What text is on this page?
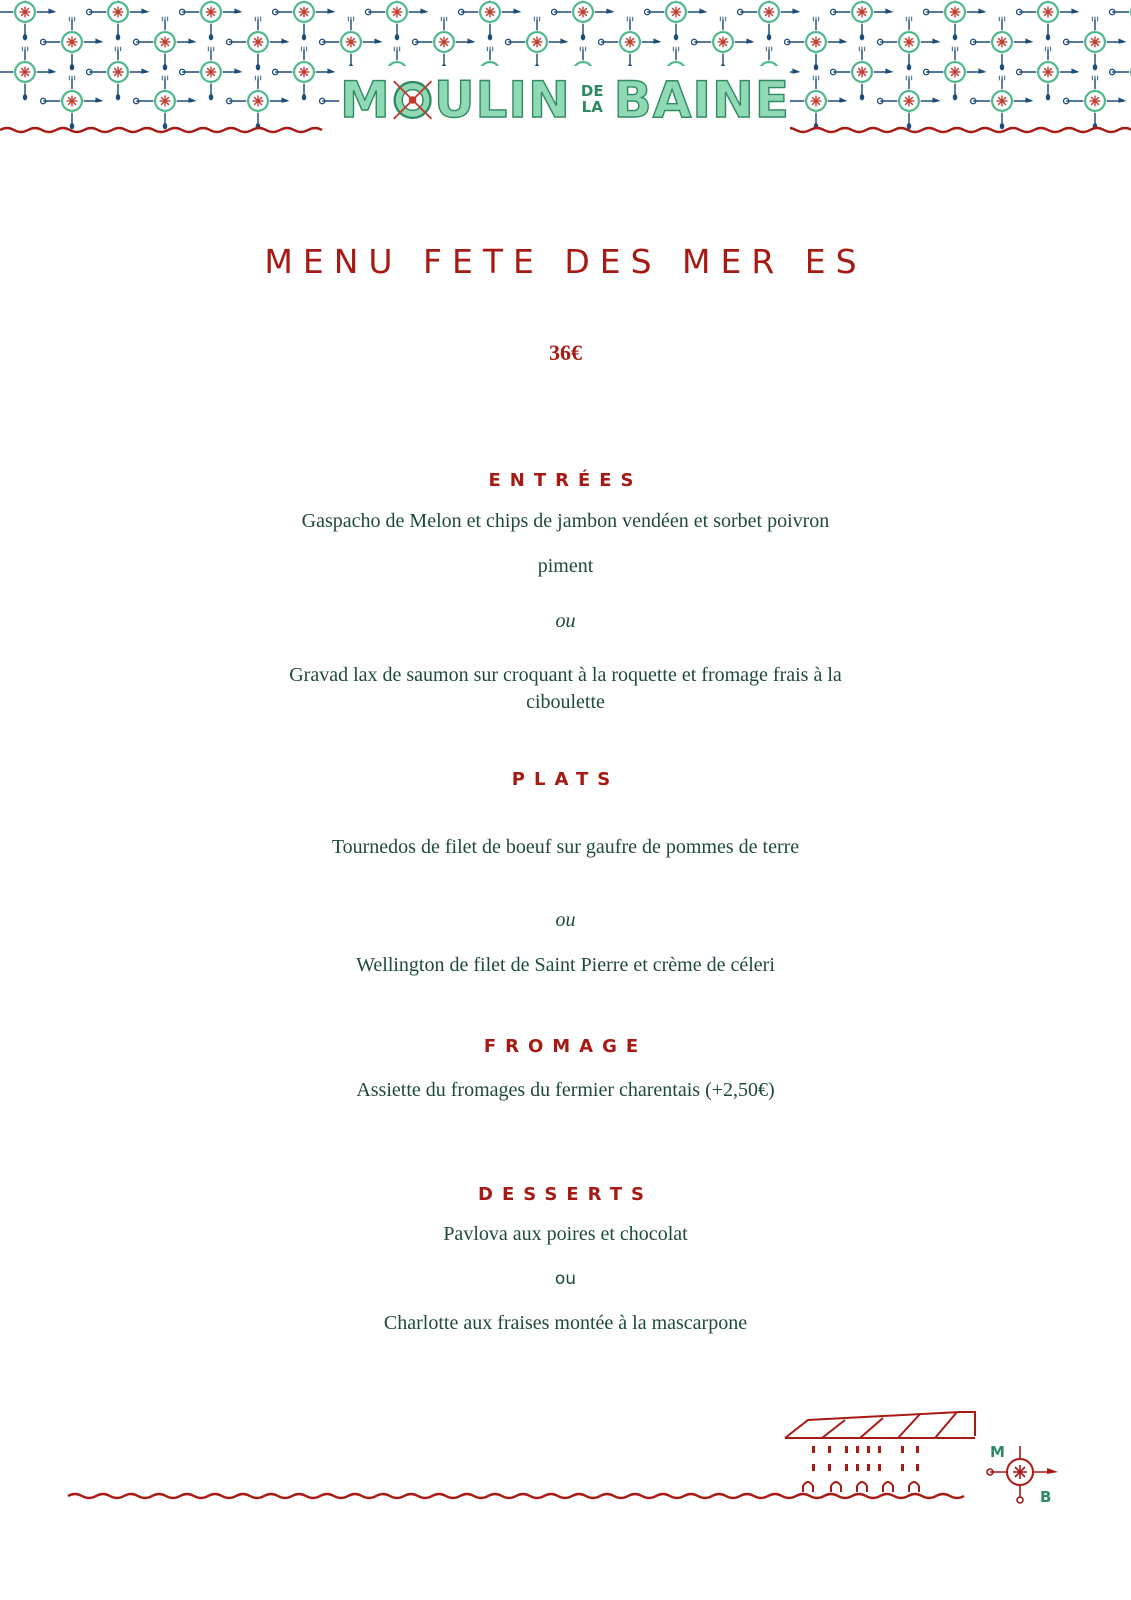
M ULIN DE
LA BAINE
MENU FETE DES MER ES
36€
ENTRÉES
Gaspacho de Melon et chips de jambon vendéen et sorbet poivron
piment
ou
Gravad lax de saumon sur croquant à la roquette et fromage frais à la
ciboulette
PLATS
Tournedos de filet de boeuf sur gaufre de pommes de terre
ou
Wellington de filet de Saint Pierre et crème de céleri
FROMAGE
Assiette du fromages du fermier charentais (+2,50€)
DESSERTS
Pavlova aux poires et chocolat
ou
Charlotte aux fraises montée à la mascarpone
M
B
